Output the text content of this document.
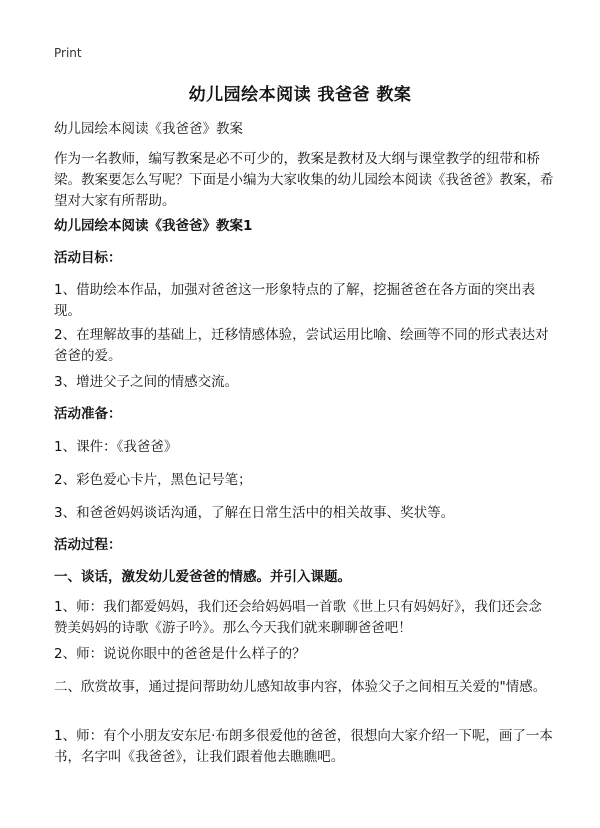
Print
幼儿园绘本阅读 我爸爸 教案
幼儿园绘本阅读《我爸爸》教案
作为一名教师，编写教案是必不可少的，教案是教材及大纲与课堂教学的纽带和桥梁。教案要怎么写呢？下面是小编为大家收集的幼儿园绘本阅读《我爸爸》教案，希望对大家有所帮助。
幼儿园绘本阅读《我爸爸》教案1
活动目标：
1、借助绘本作品，加强对爸爸这一形象特点的了解，挖掘爸爸在各方面的突出表现。
2、在理解故事的基础上，迁移情感体验，尝试运用比喻、绘画等不同的形式表达对爸爸的爱。
3、增进父子之间的情感交流。
活动准备：
1、课件：《我爸爸》
2、彩色爱心卡片，黑色记号笔；
3、和爸爸妈妈谈话沟通，了解在日常生活中的相关故事、奖状等。
活动过程：
一、谈话，激发幼儿爱爸爸的情感。并引入课题。
1、师：我们都爱妈妈，我们还会给妈妈唱一首歌《世上只有妈妈好》，我们还会念赞美妈妈的诗歌《游子吟》。那么今天我们就来聊聊爸爸吧！
2、师：说说你眼中的爸爸是什么样子的？
二、欣赏故事，通过提问帮助幼儿感知故事内容，体验父子之间相互关爱的"情感。
1、师：有个小朋友安东尼·布朗多很爱他的爸爸，很想向大家介绍一下呢，画了一本书，名字叫《我爸爸》，让我们跟着他去瞧瞧吧。
